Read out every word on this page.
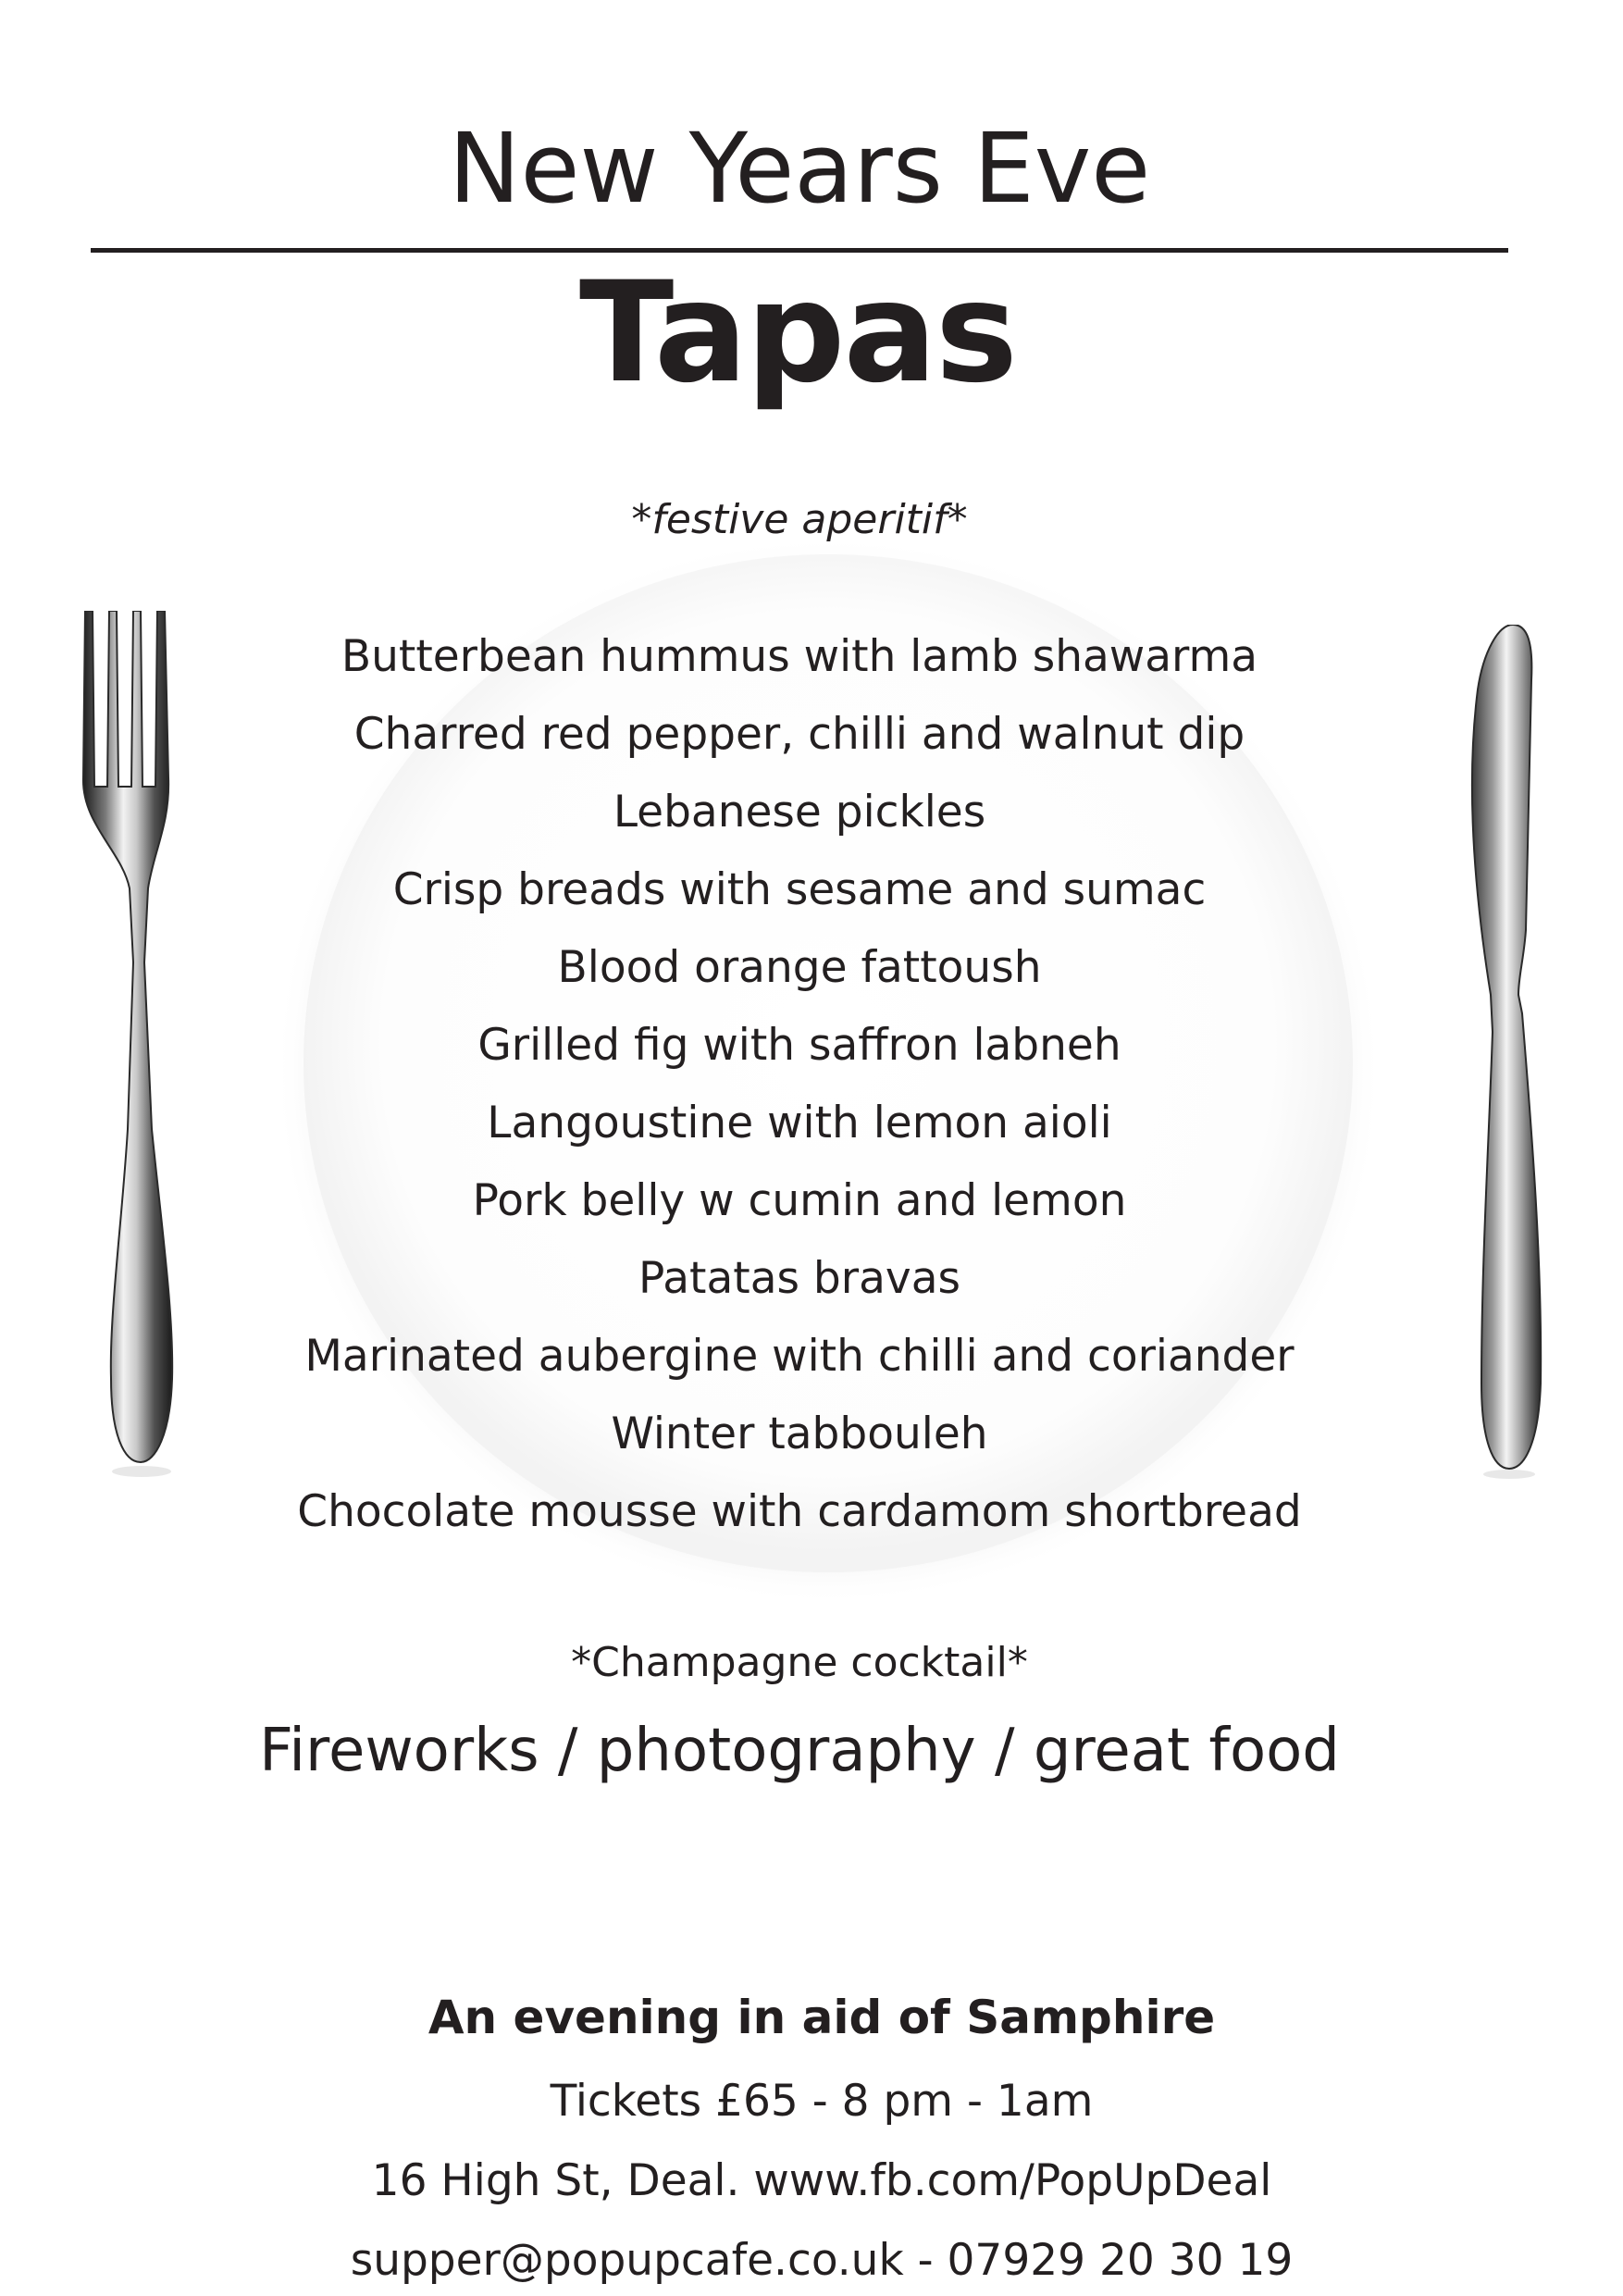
New Years Eve
Tapas
*festive aperitif*
Butterbean hummus with lamb shawarma
Charred red pepper, chilli and walnut dip
Lebanese pickles
Crisp breads with sesame and sumac
Blood orange fattoush
Grilled fig with saffron labneh
Langoustine with lemon aioli
Pork belly w cumin and lemon
Patatas bravas
Marinated aubergine with chilli and coriander
Winter tabbouleh
Chocolate mousse with cardamom shortbread
*Champagne cocktail*
Fireworks / photography / great food
An evening in aid of Samphire
Tickets £65 - 8 pm - 1am
16 High St, Deal. www.fb.com/PopUpDeal
supper@popupcafe.co.uk - 07929 20 30 19
